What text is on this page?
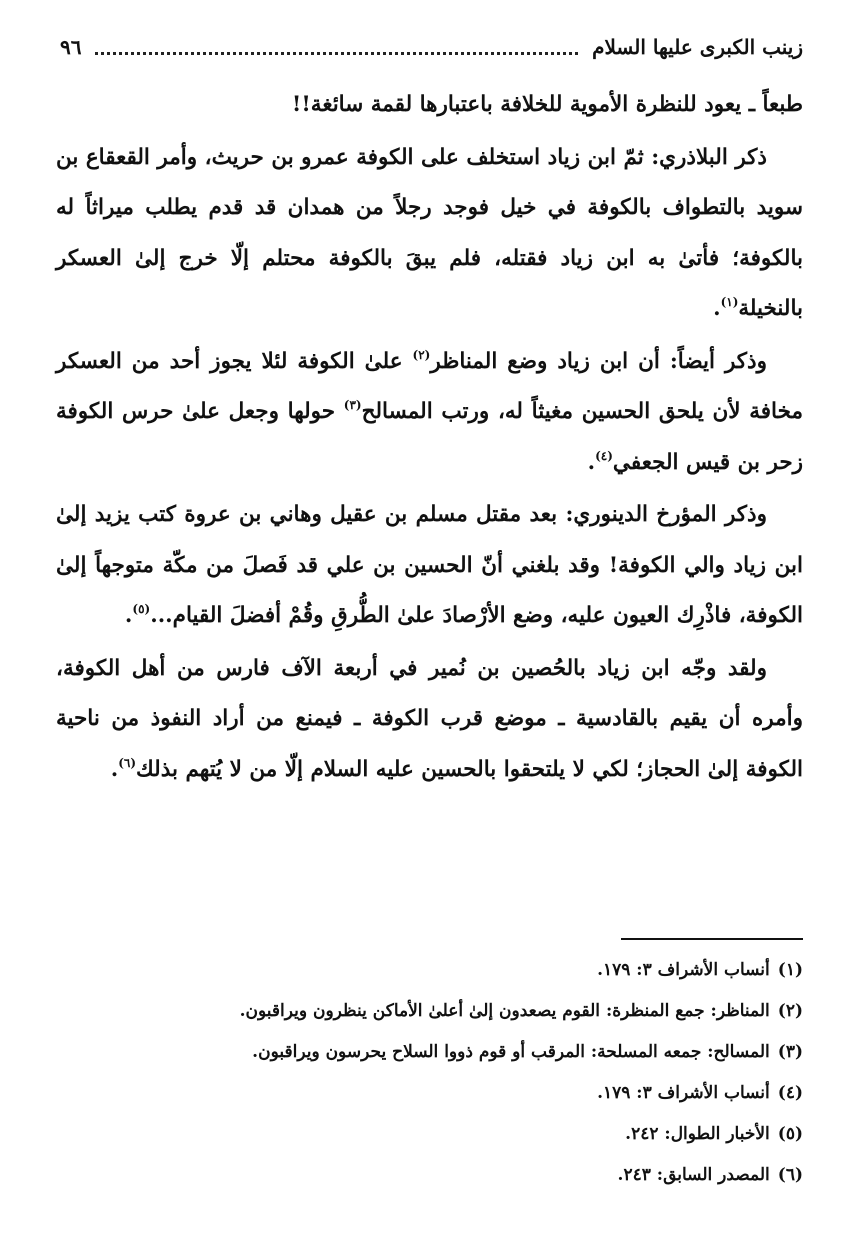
زينب الكبرى عليها السلام
٩٦

طبعاً ـ يعود للنظرة الأموية للخلافة باعتبارها لقمة سائغة!!

ذكر البلاذري: ثمّ ابن زياد استخلف على الكوفة عمرو بن حريث، وأمر القعقاع بن سويد بالتطواف بالكوفة في خيل فوجد رجلاً من همدان قد قدم يطلب ميراثاً له بالكوفة؛ فأتىٰ به ابن زياد فقتله، فلم يبقَ بالكوفة محتلم إلّا خرج إلىٰ العسكر بالنخيلة$^{(١)}$.

وذكر أيضاً: أن ابن زياد وضع المناظر$^{(٢)}$ علىٰ الكوفة لئلا يجوز أحد من العسكر مخافة لأن يلحق الحسين مغيثاً له، ورتب المسالح$^{(٣)}$ حولها وجعل علىٰ حرس الكوفة زحر بن قيس الجعفي$^{(٤)}$.

وذكر المؤرخ الدينوري: بعد مقتل مسلم بن عقيل وهاني بن عروة كتب يزيد إلىٰ ابن زياد والي الكوفة! وقد بلغني أنّ الحسين بن علي قد فَصلَ من مكّة متوجهاً إلىٰ الكوفة، فاذْرِك العيون عليه، وضع الأرْصادَ علىٰ الطُّرقِ وقُمْ أفضلَ القيام...$^{(٥)}$.

ولقد وجّه ابن زياد بالحُصين بن نُمير في أربعة الآف فارس من أهل الكوفة، وأمره أن يقيم بالقادسية ـ موضع قرب الكوفة ـ فيمنع من أراد النفوذ من ناحية الكوفة إلىٰ الحجاز؛ لكي لا يلتحقوا بالحسين عليه السلام إلّا من لا يُتهم بذلك$^{(٦)}$.

(١)
أنساب الأشراف ٣: ١٧٩.
(٢)
المناظر: جمع المنظرة: القوم يصعدون إلىٰ أعلىٰ الأماكن ينظرون ويراقبون.
(٣)
المسالح: جمعه المسلحة: المرقب أو قوم ذووا السلاح يحرسون ويراقبون.
(٤)
أنساب الأشراف ٣: ١٧٩.
(٥)
الأخبار الطوال: ٢٤٢.
(٦)
المصدر السابق: ٢٤٣.
